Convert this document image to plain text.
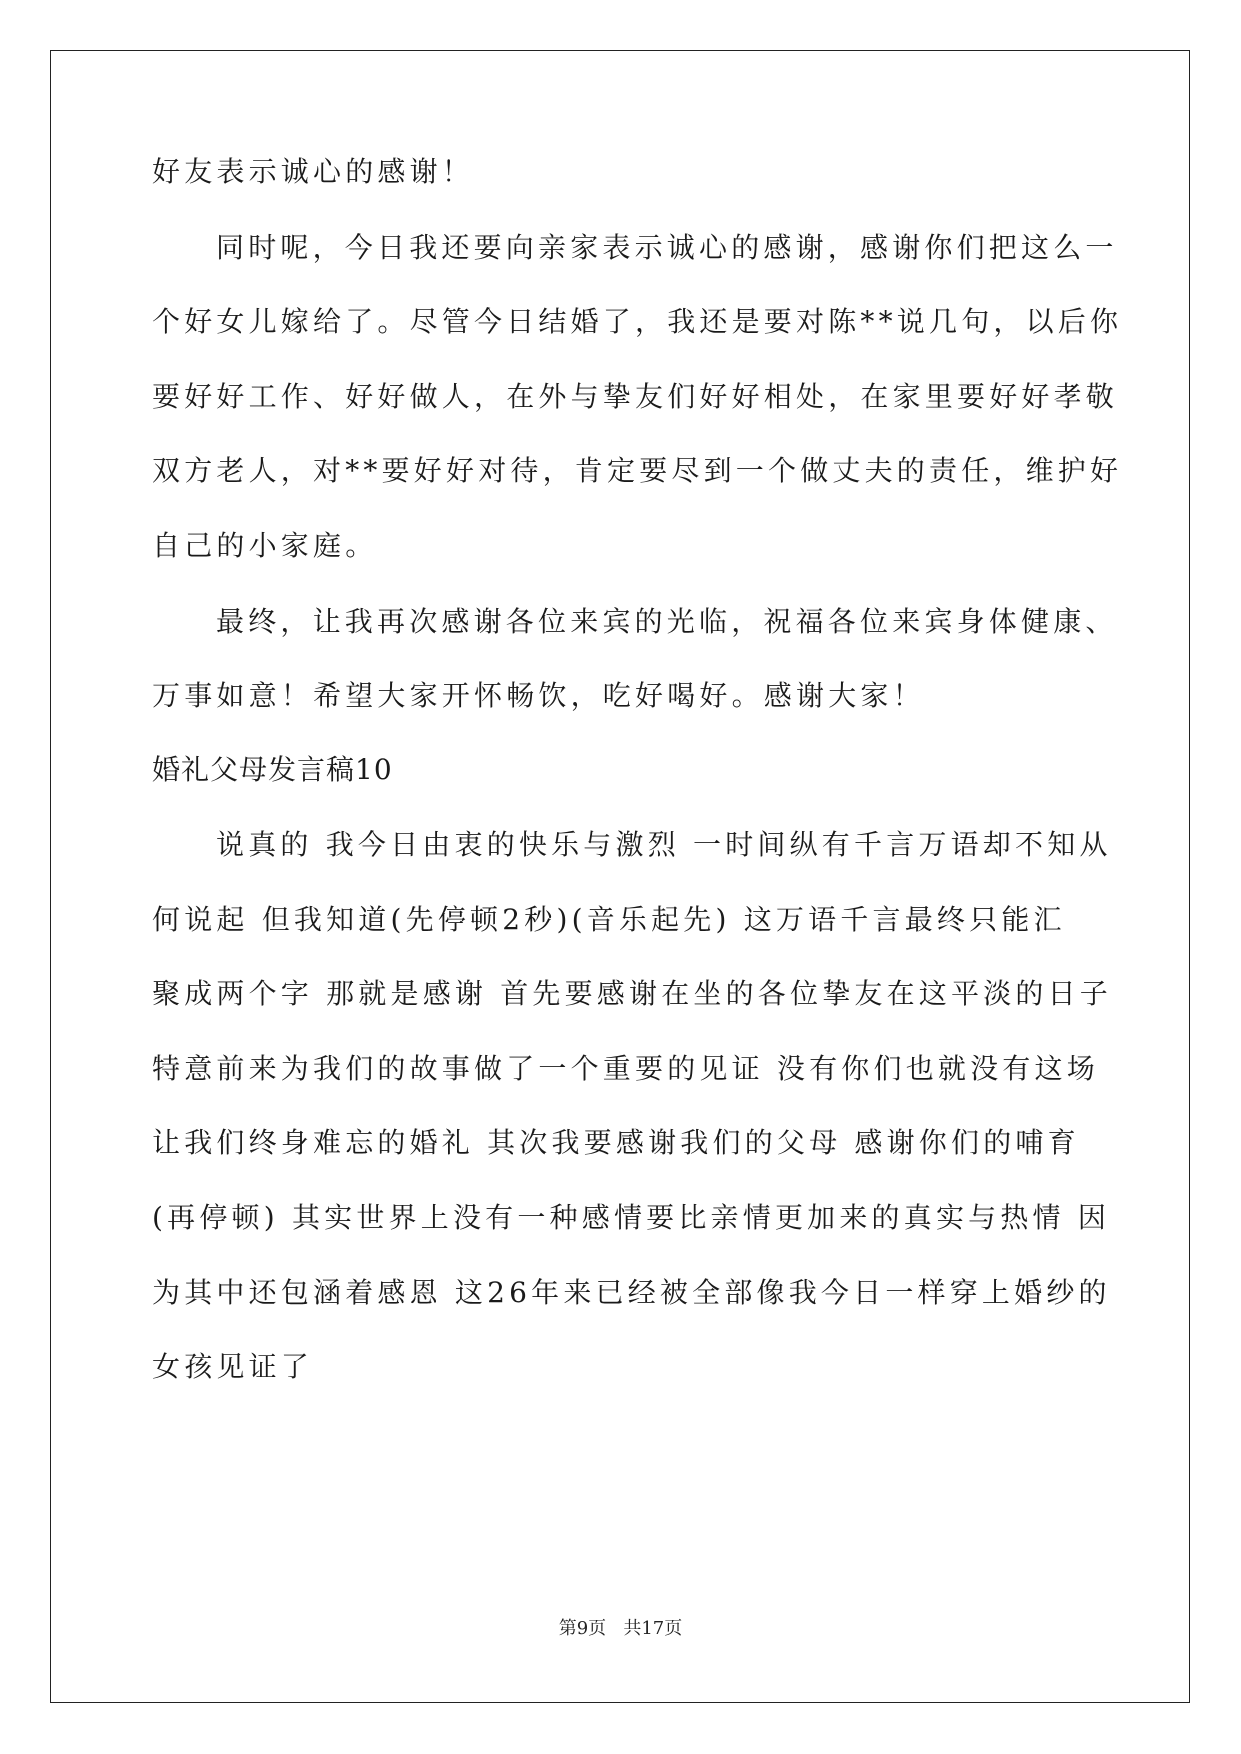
好友表示诚心的感谢！
同时呢，今日我还要向亲家表示诚心的感谢，感谢你们把这么一
个好女儿嫁给了。尽管今日结婚了，我还是要对陈**说几句，以后你
要好好工作、好好做人，在外与挚友们好好相处，在家里要好好孝敬
双方老人，对**要好好对待，肯定要尽到一个做丈夫的责任，维护好
自己的小家庭。
最终，让我再次感谢各位来宾的光临，祝福各位来宾身体健康、
万事如意！希望大家开怀畅饮，吃好喝好。感谢大家！
婚礼父母发言稿10
说真的 我今日由衷的快乐与激烈 一时间纵有千言万语却不知从
何说起 但我知道(先停顿2秒)(音乐起先) 这万语千言最终只能汇
聚成两个字 那就是感谢 首先要感谢在坐的各位挚友在这平淡的日子
特意前来为我们的故事做了一个重要的见证 没有你们也就没有这场
让我们终身难忘的婚礼 其次我要感谢我们的父母 感谢你们的哺育
(再停顿) 其实世界上没有一种感情要比亲情更加来的真实与热情 因
为其中还包涵着感恩 这26年来已经被全部像我今日一样穿上婚纱的
女孩见证了
第9页   共17页
